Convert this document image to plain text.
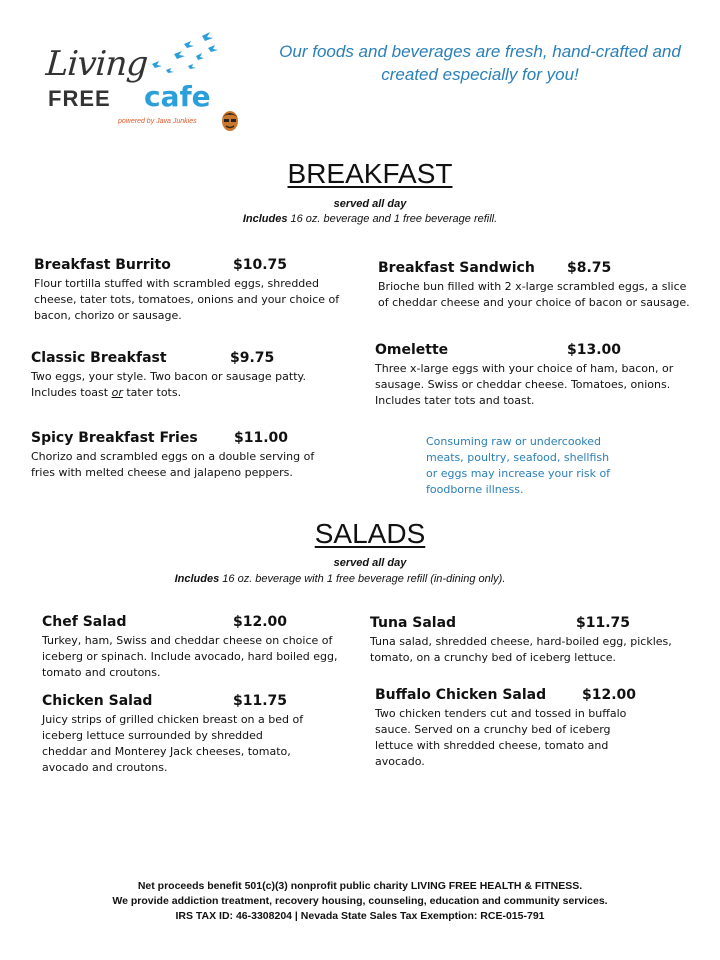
Living
FREE cafe
powered by Java Junkies
Our foods and beverages are fresh, hand-crafted and
created especially for you!
BREAKFAST
served all day
Includes 16 oz. beverage and 1 free beverage refill.
Breakfast Burrito	$10.75
Flour tortilla stuffed with scrambled eggs, shredded
cheese, tater tots, tomatoes, onions and your choice of
bacon, chorizo or sausage.
Breakfast Sandwich $8.75
Brioche bun filled with 2 x-large scrambled eggs, a slice
of cheddar cheese and your choice of bacon or sausage.
Classic Breakfast	$9.75
Two eggs, your style. Two bacon or sausage patty.
Includes toast or tater tots.
Omelette	$13.00
Three x-large eggs with your choice of ham, bacon, or
sausage. Swiss or cheddar cheese. Tomatoes, onions.
Includes tater tots and toast.
Spicy Breakfast Fries	$11.00
Chorizo and scrambled eggs on a double serving of
fries with melted cheese and jalapeno peppers.
Consuming raw or undercooked
meats, poultry, seafood, shellfish
or eggs may increase your risk of
foodborne illness.
SALADS
served all day
Includes 16 oz. beverage with 1 free beverage refill (in-dining only).
Chef Salad	$12.00
Turkey, ham, Swiss and cheddar cheese on choice of
iceberg or spinach. Include avocado, hard boiled egg,
tomato and croutons.
Tuna Salad	$11.75
Tuna salad, shredded cheese, hard-boiled egg, pickles,
tomato, on a crunchy bed of iceberg lettuce.
Chicken Salad	$11.75
Juicy strips of grilled chicken breast on a bed of
iceberg lettuce surrounded by shredded
cheddar and Monterey Jack cheeses, tomato,
avocado and croutons.
Buffalo Chicken Salad	$12.00
Two chicken tenders cut and tossed in buffalo
sauce. Served on a crunchy bed of iceberg
lettuce with shredded cheese, tomato and
avocado.
Net proceeds benefit 501(c)(3) nonprofit public charity LIVING FREE HEALTH & FITNESS.
We provide addiction treatment, recovery housing, counseling, education and community services.
IRS TAX ID: 46-3308204 | Nevada State Sales Tax Exemption: RCE-015-791
